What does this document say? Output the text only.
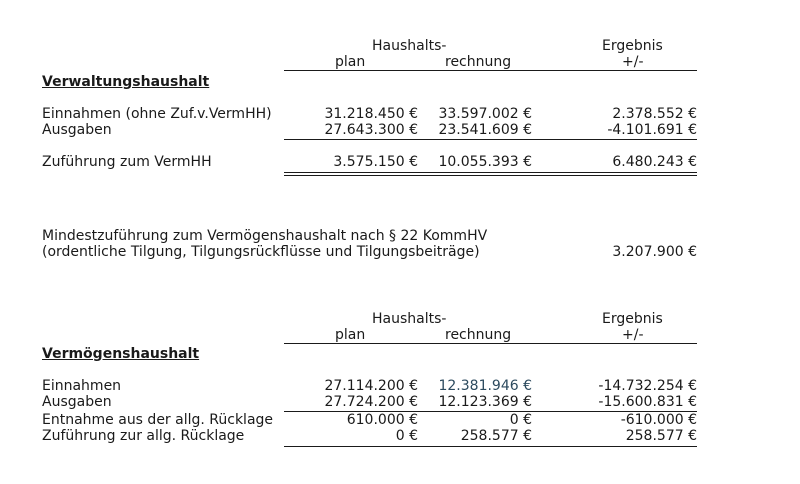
Haushalts-	Ergebnis
plan	rechnung	+/-
Verwaltungshaushalt
Einnahmen (ohne Zuf.v.VermHH)	31.218.450 €	33.597.002 €	2.378.552 €
Ausgaben	27.643.300 €	23.541.609 €	-4.101.691 €
Zuführung zum VermHH	3.575.150 €	10.055.393 €	6.480.243 €
Mindestzuführung zum Vermögenshaushalt nach § 22 KommHV
(ordentliche Tilgung, Tilgungsrückflüsse und Tilgungsbeiträge)	3.207.900 €
Haushalts-	Ergebnis
plan	rechnung	+/-
Vermögenshaushalt
Einnahmen	27.114.200 €	12.381.946 €	-14.732.254 €
Ausgaben	27.724.200 €	12.123.369 €	-15.600.831 €
Entnahme aus der allg. Rücklage	610.000 €	0 €	-610.000 €
Zuführung zur allg. Rücklage	0 €	258.577 €	258.577 €
